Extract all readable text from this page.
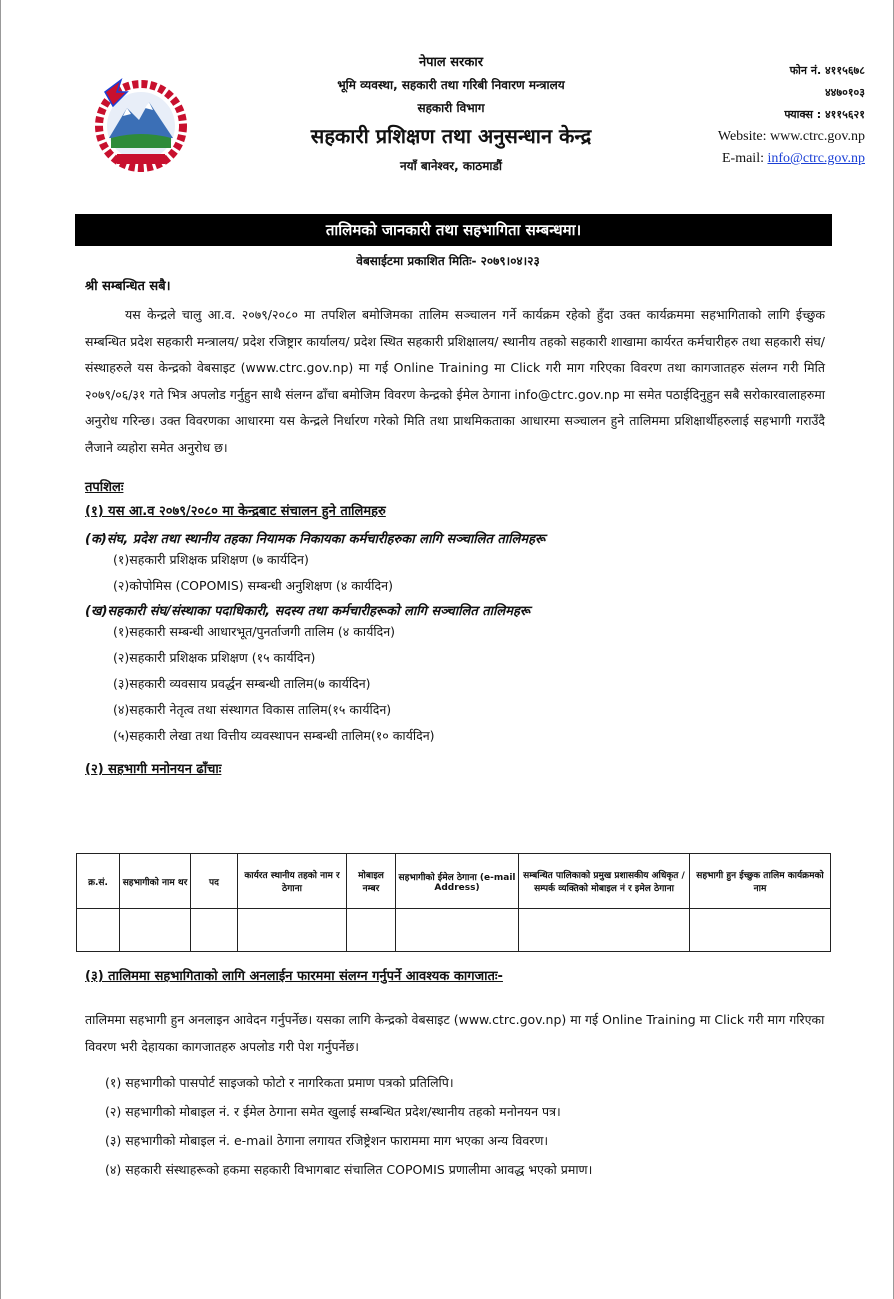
नेपाल सरकार
भूमि व्यवस्था, सहकारी तथा गरिबी निवारण मन्त्रालय
सहकारी विभाग
सहकारी प्रशिक्षण तथा अनुसन्धान केन्द्र
नयाँ बानेश्वर, काठमाडौं
फोन नं. ४११५६७८
४४७०१०३
फ्याक्स : ४११५६२१
Website: www.ctrc.gov.np
E-mail: info@ctrc.gov.np
तालिमको जानकारी तथा सहभागिता सम्बन्धमा।
वेबसाईटमा प्रकाशित मितिः- २०७९।०४।२३
श्री सम्बन्धित सबै।

यस केन्द्रले चालु आ.व. २०७९/२०८० मा तपशिल बमोजिमका तालिम सञ्चालन गर्ने कार्यक्रम रहेको हुँदा उक्त कार्यक्रममा सहभागिताको लागि ईच्छुक सम्बन्धित प्रदेश सहकारी मन्त्रालय/ प्रदेश रजिष्ट्रार कार्यालय/ प्रदेश स्थित सहकारी प्रशिक्षालय/ स्थानीय तहको सहकारी शाखामा कार्यरत कर्मचारीहरु तथा सहकारी संघ/संस्थाहरुले यस केन्द्रको वेबसाइट (www.ctrc.gov.np) मा गई Online Training मा Click गरी माग गरिएका विवरण तथा कागजातहरु संलग्न गरी मिति २०७९/०६/३१ गते भित्र अपलोड गर्नुहुन साथै संलग्न ढाँचा बमोजिम विवरण केन्द्रको ईमेल ठेगाना info@ctrc.gov.np मा समेत पठाईदिनुहुन सबै सरोकारवालाहरुमा अनुरोध गरिन्छ। उक्त विवरणका आधारमा यस केन्द्रले निर्धारण गरेको मिति तथा प्राथमिकताका आधारमा सञ्चालन हुने तालिममा प्रशिक्षार्थीहरुलाई सहभागी गराउँदै लैजाने व्यहोरा समेत अनुरोध छ।

तपशिलः
(१) यस आ.व २०७९/२०८० मा केन्द्रबाट संचालन हुने तालिमहरु
(क)संघ, प्रदेश तथा स्थानीय तहका नियामक निकायका कर्मचारीहरुका लागि सञ्चालित तालिमहरू
(१)सहकारी प्रशिक्षक प्रशिक्षण (७ कार्यदिन)
(२)कोपोमिस (COPOMIS) सम्बन्धी अनुशिक्षण (४ कार्यदिन)
(ख)सहकारी संघ/संस्थाका पदाधिकारी, सदस्य तथा कर्मचारीहरूको लागि सञ्चालित तालिमहरू
(१)सहकारी सम्बन्धी आधारभूत/पुनर्ताजगी तालिम (४ कार्यदिन)
(२)सहकारी प्रशिक्षक प्रशिक्षण (१५ कार्यदिन)
(३)सहकारी व्यवसाय प्रवर्द्धन सम्बन्धी तालिम(७ कार्यदिन)
(४)सहकारी नेतृत्व तथा संस्थागत विकास तालिम(१५ कार्यदिन)
(५)सहकारी लेखा तथा वित्तीय व्यवस्थापन सम्बन्धी तालिम(१० कार्यदिन)
(२) सहभागी मनोनयन ढाँचाः
क्र.सं.	सहभागीको नाम थर	पद	कार्यरत स्थानीय तहको नाम र ठेगाना	मोबाइल नम्बर	सहभागीको ईमेल ठेगाना (e-mail Address)	सम्बन्धित पालिकाको प्रमुख प्रशासकीय अधिकृत / सम्पर्क व्यक्तिको मोबाइल नं र इमेल ठेगाना	सहभागी हुन ईच्छुक तालिम कार्यक्रमको नाम

(३) तालिममा सहभागिताको लागि अनलाईन फारममा संलग्न गर्नुपर्ने आवश्यक कागजातः-
तालिममा सहभागी हुन अनलाइन आवेदन गर्नुपर्नेछ। यसका लागि केन्द्रको वेबसाइट (www.ctrc.gov.np) मा गई Online Training मा Click गरी माग गरिएका विवरण भरी देहायका कागजातहरु अपलोड गरी पेश गर्नुपर्नेछ।
(१) सहभागीको पासपोर्ट साइजको फोटो र नागरिकता प्रमाण पत्रको प्रतिलिपि।
(२) सहभागीको मोबाइल नं. र ईमेल ठेगाना समेत खुलाई सम्बन्धित प्रदेश/स्थानीय तहको मनोनयन पत्र।
(३) सहभागीको मोबाइल नं. e-mail ठेगाना लगायत रजिष्ट्रेशन फाराममा माग भएका अन्य विवरण।
(४) सहकारी संस्थाहरूको हकमा सहकारी विभागबाट संचालित COPOMIS प्रणालीमा आवद्ध भएको प्रमाण।
